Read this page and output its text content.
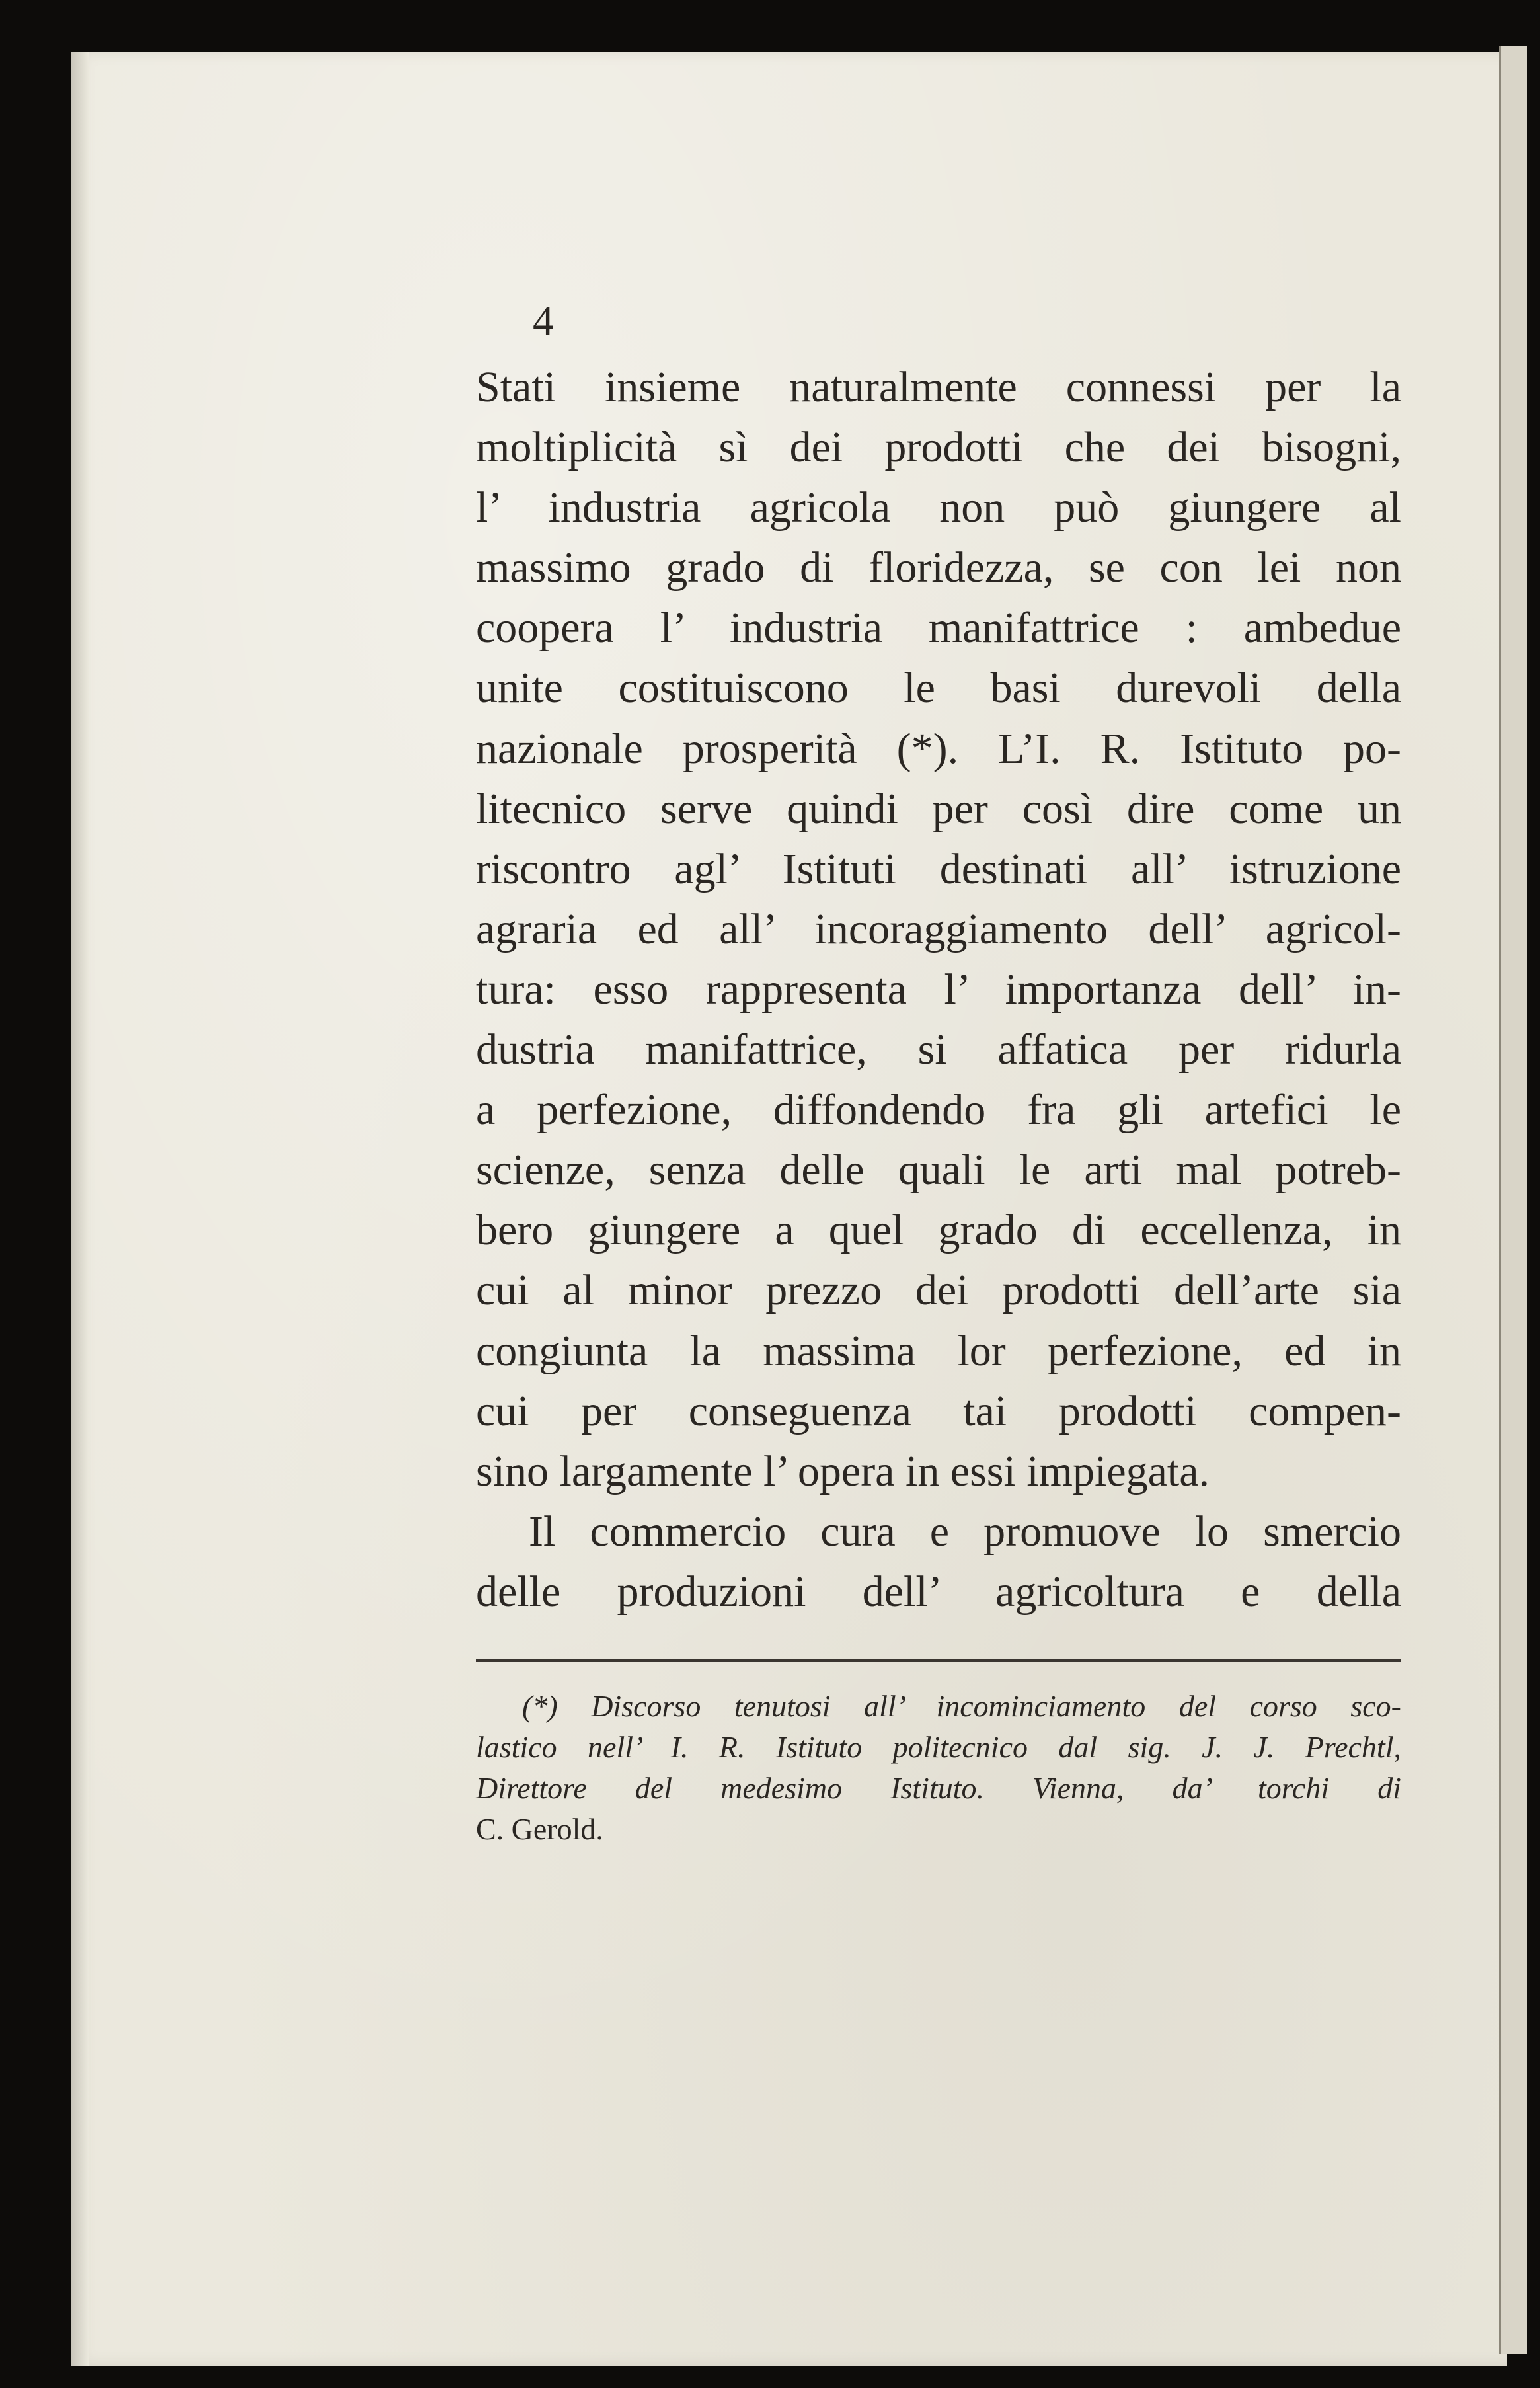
4
Stati insieme naturalmente connessi per la
moltiplicità sì dei prodotti che dei bisogni,
l’ industria agricola non può giungere al
massimo grado di floridezza, se con lei non
coopera l’ industria manifattrice : ambedue
unite costituiscono le basi durevoli della
nazionale prosperità (*). L’I. R. Istituto po-
litecnico serve quindi per così dire come un
riscontro agl’ Istituti destinati all’ istruzione
agraria ed all’ incoraggiamento dell’ agricol-
tura: esso rappresenta l’ importanza dell’ in-
dustria manifattrice, si affatica per ridurla
a perfezione, diffondendo fra gli artefici le
scienze, senza delle quali le arti mal potreb-
bero giungere a quel grado di eccellenza, in
cui al minor prezzo dei prodotti dell’arte sia
congiunta la massima lor perfezione, ed in
cui per conseguenza tai prodotti compen-
sino largamente l’ opera in essi impiegata.
Il commercio cura e promuove lo smercio
delle produzioni dell’ agricoltura e della
(*) Discorso tenutosi all’ incominciamento del corso sco-
lastico nell’ I. R. Istituto politecnico dal sig. J. J. Prechtl,
Direttore del medesimo Istituto. Vienna, da’ torchi di
C. Gerold.
